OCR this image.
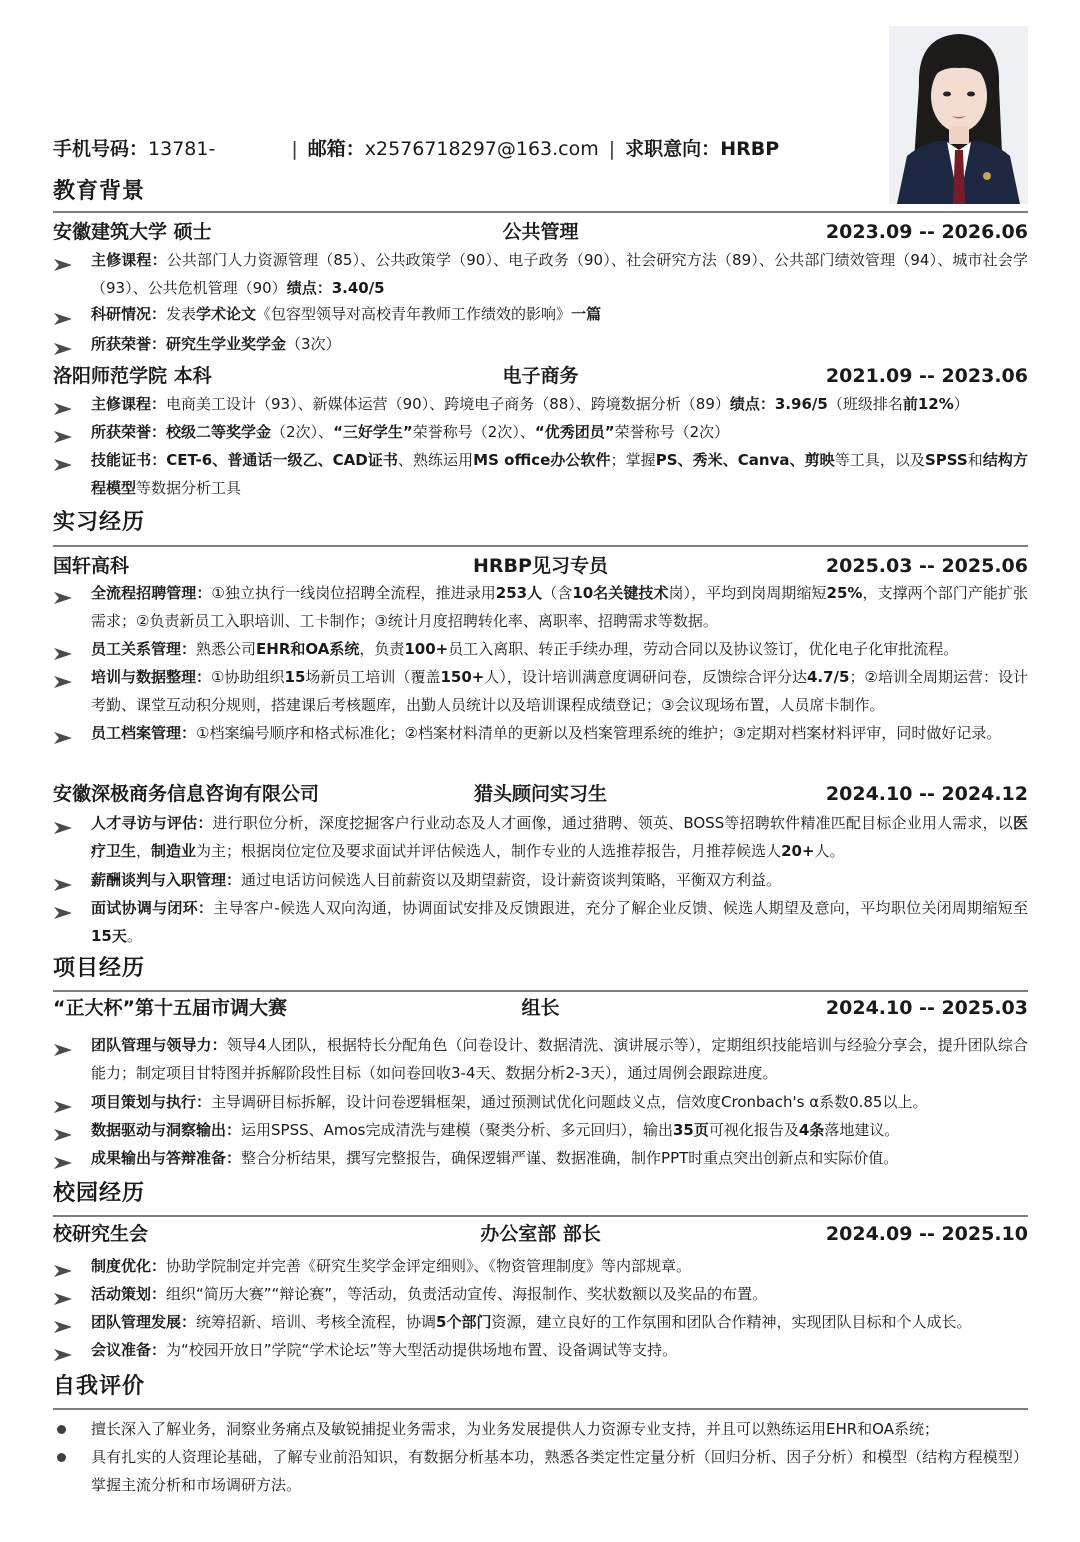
手机号码：13781-	| 邮箱：x2576718297@163.com | 求职意向：HRBP
教育背景
实习经历
项目经历
校园经历
自我评价
安徽建筑大学 硕士	公共管理	2023.09 -- 2026.06
洛阳师范学院 本科	电子商务	2021.09 -- 2023.06
国轩高科	HRBP见习专员	2025.03 -- 2025.06
安徽深极商务信息咨询有限公司	猎头顾问实习生	2024.10 -- 2024.12
“正大杯”第十五届市调大赛	组长	2024.10 -- 2025.03
校研究生会	办公室部 部长	2024.09 -- 2025.10
主修课程：公共部门人力资源管理（85）、公共政策学（90）、电子政务（90）、社会研究方法（89）、公共部门绩效管理（94）、城市社会学（93）、公共危机管理（90）绩点：3.40/5
科研情况：发表学术论文《包容型领导对高校青年教师工作绩效的影响》一篇
所获荣誉：研究生学业奖学金（3次）
主修课程：电商美工设计（93）、新媒体运营（90）、跨境电子商务（88）、跨境数据分析（89）绩点：3.96/5（班级排名前12%）
所获荣誉：校级二等奖学金（2次）、“三好学生”荣誉称号（2次）、“优秀团员”荣誉称号（2次）
技能证书：CET-6、普通话一级乙、CAD证书、熟练运用MS office办公软件；掌握PS、秀米、Canva、剪映等工具，以及SPSS和结构方程模型等数据分析工具
全流程招聘管理：①独立执行一线岗位招聘全流程，推进录用253人（含10名关键技术岗），平均到岗周期缩短25%，支撑两个部门产能扩张需求；②负责新员工入职培训、工卡制作；③统计月度招聘转化率、离职率、招聘需求等数据。
员工关系管理：熟悉公司EHR和OA系统，负责100+员工入离职、转正手续办理，劳动合同以及协议签订，优化电子化审批流程。
培训与数据整理：①协助组织15场新员工培训（覆盖150+人），设计培训满意度调研问卷，反馈综合评分达4.7/5；②培训全周期运营：设计考勤、课堂互动积分规则，搭建课后考核题库，出勤人员统计以及培训课程成绩登记；③会议现场布置，人员席卡制作。
员工档案管理：①档案编号顺序和格式标准化；②档案材料清单的更新以及档案管理系统的维护；③定期对档案材料评审，同时做好记录。
人才寻访与评估：进行职位分析，深度挖掘客户行业动态及人才画像，通过猎聘、领英、BOSS等招聘软件精准匹配目标企业用人需求，以医疗卫生，制造业为主；根据岗位定位及要求面试并评估候选人，制作专业的人选推荐报告，月推荐候选人20+人。
薪酬谈判与入职管理：通过电话访问候选人目前薪资以及期望薪资，设计薪资谈判策略，平衡双方利益。
面试协调与闭环：主导客户-候选人双向沟通，协调面试安排及反馈跟进，充分了解企业反馈、候选人期望及意向，平均职位关闭周期缩短至15天。
团队管理与领导力：领导4人团队，根据特长分配角色（问卷设计、数据清洗、演讲展示等），定期组织技能培训与经验分享会，提升团队综合能力；制定项目甘特图并拆解阶段性目标（如问卷回收3-4天、数据分析2-3天），通过周例会跟踪进度。
项目策划与执行：主导调研目标拆解，设计问卷逻辑框架，通过预测试优化问题歧义点，信效度Cronbach's α系数0.85以上。
数据驱动与洞察输出：运用SPSS、Amos完成清洗与建模（聚类分析、多元回归），输出35页可视化报告及4条落地建议。
成果输出与答辩准备：整合分析结果，撰写完整报告，确保逻辑严谨、数据准确，制作PPT时重点突出创新点和实际价值。
制度优化：协助学院制定并完善《研究生奖学金评定细则》、《物资管理制度》等内部规章。
活动策划：组织“简历大赛”“辩论赛”，等活动，负责活动宣传、海报制作、奖状数额以及奖品的布置。
团队管理发展：统筹招新、培训、考核全流程，协调5个部门资源，建立良好的工作氛围和团队合作精神，实现团队目标和个人成长。
会议准备：为“校园开放日”学院“学术论坛”等大型活动提供场地布置、设备调试等支持。
擅长深入了解业务，洞察业务痛点及敏锐捕捉业务需求，为业务发展提供人力资源专业支持，并且可以熟练运用EHR和OA系统；
具有扎实的人资理论基础，了解专业前沿知识，有数据分析基本功，熟悉各类定性定量分析（回归分析、因子分析）和模型（结构方程模型）掌握主流分析和市场调研方法。
